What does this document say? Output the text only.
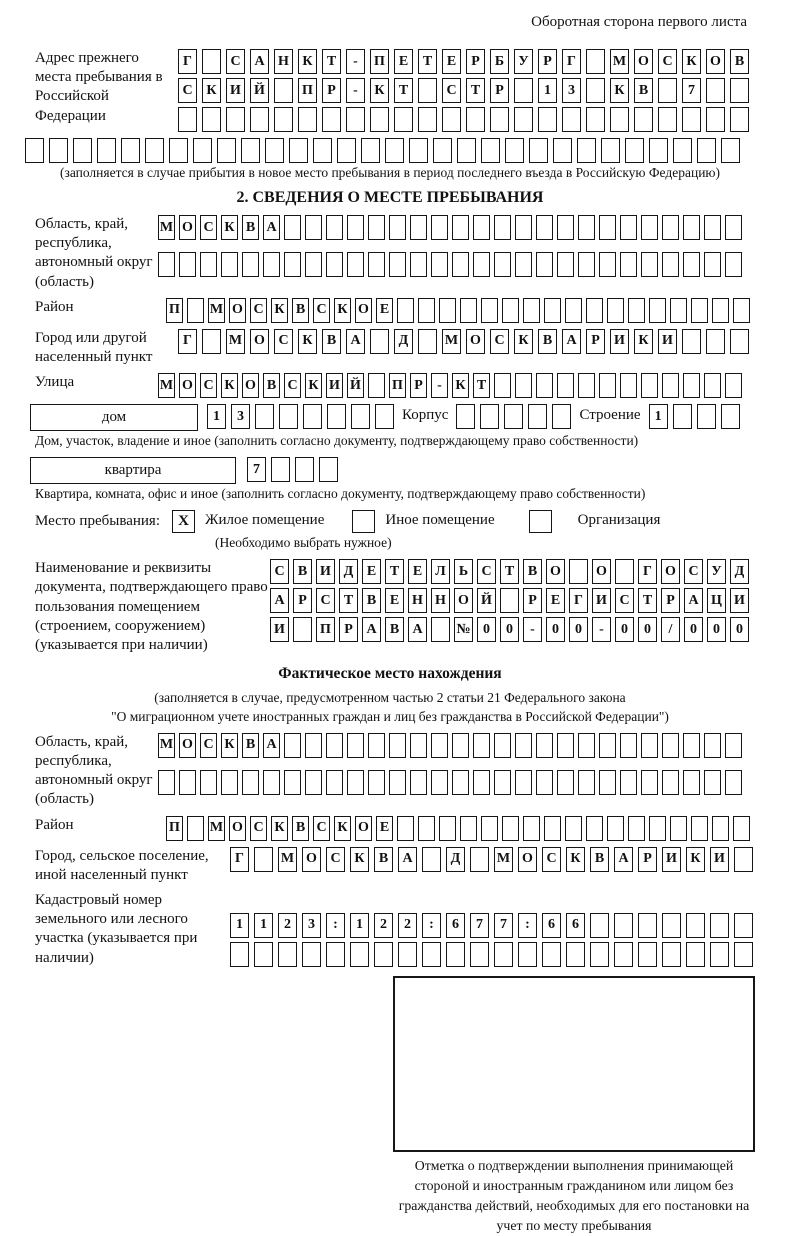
Оборотная сторона первого листа
Адрес прежнего места пребывания в Российской Федерации
Г	С А Н К	Т	-	П Е	Т	Е	Р	Б	У	Р	Г	М О С К О В
С К И Й	П	Р	-	К	Т	С	Т	Р	1	3	К	В	7
(заполняется в случае прибытия в новое место пребывания в период последнего въезда в Российскую Федерацию)
2. СВЕДЕНИЯ О МЕСТЕ ПРЕБЫВАНИЯ
Область, край, республика, автономный округ (область)
М О С К В А
Район	П М О С К В С К О Е
Город или другой населенный пункт
Г	М О С К	В	А	Д	М О С К	В	А	Р	И К И
Улица	М О С К О В С К И Й П Р	- К Т
дом	1	3	Корпус	Строение	1
Дом, участок, владение и иное (заполнить согласно документу, подтверждающему право собственности)
квартира	7
Квартира, комната, офис и иное (заполнить согласно документу, подтверждающему право собственности)
Место пребывания:	X	Жилое помещение	Иное помещение	Организация
(Необходимо выбрать нужное)
Наименование и реквизиты документа, подтверждающего право пользования помещением (строением, сооружением) (указывается при наличии)
С В И Д Е Т Е Л Ь С Т В О	О	Г О С У Д
А Р С Т В Е Н Н О Й	Р	Е Г И С Т	Р А Ц И
И	П Р А В А	№ 0	0	-	0	0	-	0	0	/	0	0	0
Фактическое место нахождения
(заполняется в случае, предусмотренном частью 2 статьи 21 Федерального закона
"О миграционном учете иностранных граждан и лиц без гражданства в Российской Федерации")
Область, край, республика, автономный округ (область)
М О С К В А
Район	П М О С К В С К О Е
Город, сельское поселение, иной населенный пункт
Г	М О С К	В	А	Д	М О С К	В	А	Р	И К И
Кадастровый номер земельного или лесного участка (указывается при наличии)
1	1	2	3	:	1	2	2	:	6	7	7	:	6	6
Отметка о подтверждении выполнения принимающей стороной и иностранным гражданином или лицом без гражданства действий, необходимых для его постановки на учет по месту пребывания
